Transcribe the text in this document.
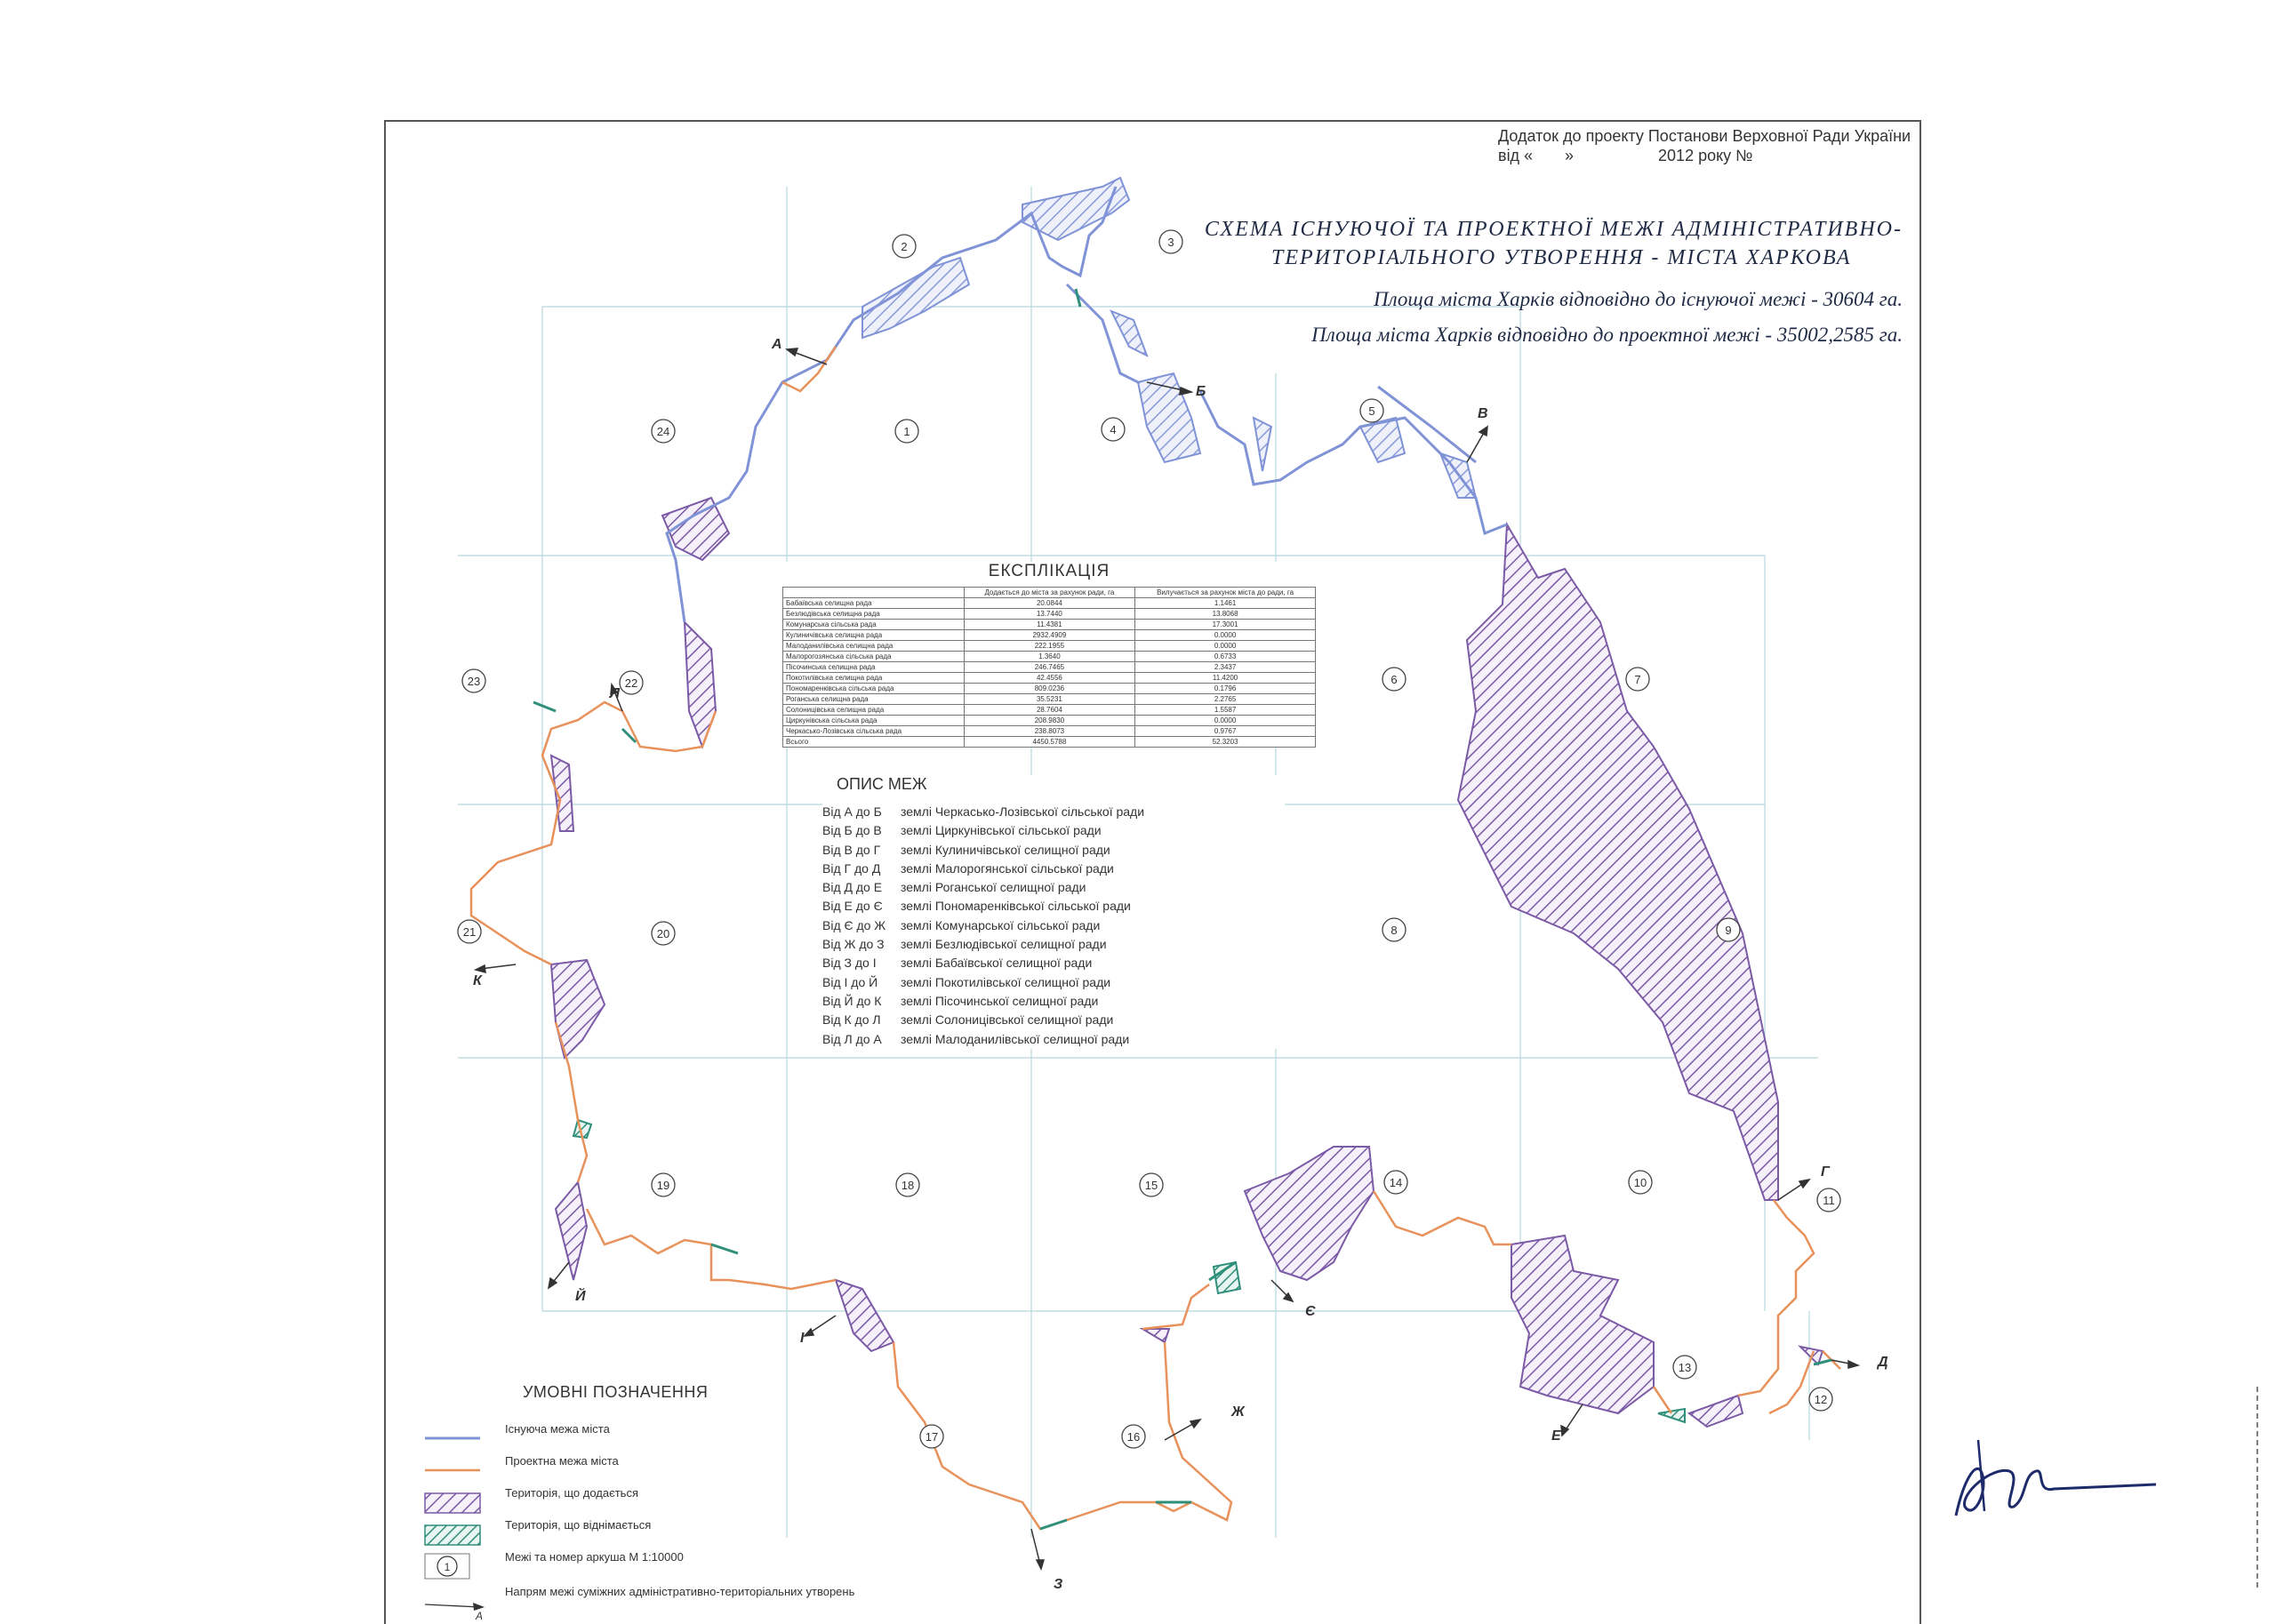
1
2	3
4
5
6	7
8	9
10
11
12
13
14
15
16
17
18
19
20
21
22
23
24
А
Б
В
Г
Д
Е
Є
Ж
З
І
Й
К
Л
1
А
Додаток до проекту Постанови Верховної Ради України
від « »	2012 року №
СХЕМА ІСНУЮЧОЇ ТА ПРОЕКТНОЇ МЕЖІ АДМІНІСТРАТИВНО-
ТЕРИТОРІАЛЬНОГО УТВОРЕННЯ - МІСТА ХАРКОВА
Площа міста Харків відповідно до існуючої межі - 30604 га.
Площа міста Харків відповідно до проектної межі - 35002,2585 га.
ЕКСПЛІКАЦІЯ
	Додається до міста за рахунок ради, га	Вилучається за рахунок міста до ради, га
Бабаївська селищна рада	20.0844	1.1461
Безлюдівська селищна рада	13.7440	13.8068
Комунарська сільська рада	11.4381	17.3001
Кулиничівська селищна рада	2932.4909	0.0000
Малоданилівська селищна рада	222.1955	0.0000
Малорогозянська сільська рада	1.3640	0.6733
Пісочинська селищна рада	246.7465	2.3437
Покотилівська селищна рада	42.4556	11.4200
Пономаренківська сільська рада	809.0236	0.1796
Роганська селищна рада	35.5231	2.2765
Солоницівська селищна рада	28.7604	1.5587
Циркунівська сільська рада	208.9830	0.0000
Черкасько-Лозівська сільська рада	238.8073	0.9767
Всього	4450.5788	52.3203
ОПИС МЕЖ
Від А до Б землі Черкасько-Лозівської сільської ради
Від Б до В землі Циркунівської сільської ради
Від В до Г землі Кулиничівської селищної ради
Від Г до Д землі Малорогянської сільської ради
Від Д до Е землі Роганської селищної ради
Від Е до Є землі Пономаренківської сільської ради
Від Є до Ж землі Комунарської сільської ради
Від Ж до З землі Безлюдівської селищної ради
Від З до І землі Бабаївської селищної ради
Від І до Й землі Покотилівської селищної ради
Від Й до К землі Пісочинської селищної ради
Від К до Л землі Солоницівської селищної ради
Від Л до А землі Малоданилівської селищної ради
УМОВНІ ПОЗНАЧЕННЯ
Існуюча межа міста
Проектна межа міста
Територія, що додається
Територія, що віднімається
Межі та номер аркуша М 1:10000
Напрям межі суміжних адміністративно-територіальних утворень
